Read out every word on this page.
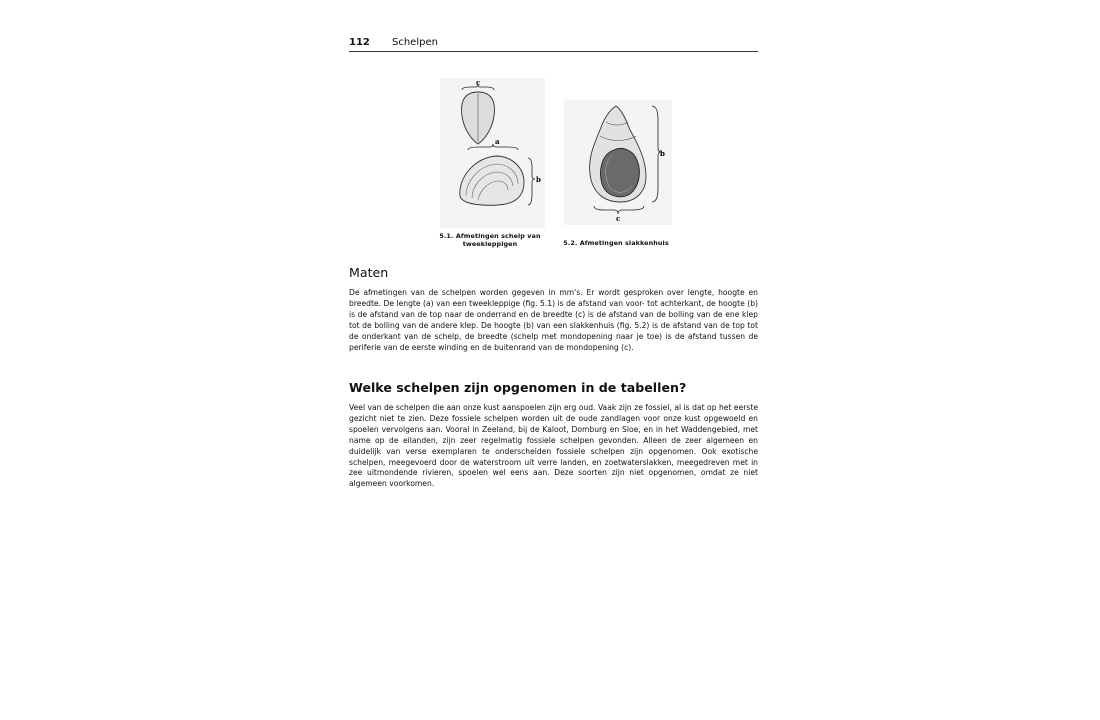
112 Schelpen
c
a
b
b
c
5.1. Afmetingen schelp van
tweekleppigen	5.2. Afmetingen slakkenhuis
Maten

De afmetingen van de schelpen worden gegeven in mm's. Er wordt gesproken over lengte, hoogte en breedte. De lengte (a) van een tweekleppige (fig. 5.1) is de afstand van voor- tot achterkant, de hoogte (b) is de afstand van de top naar de onderrand en de breedte (c) is de afstand van de bolling van de ene klep tot de bolling van de andere klep. De hoogte (b) van een slakkenhuis (fig. 5.2) is de afstand van de top tot de onderkant van de schelp, de breedte (schelp met mondopening naar je toe) is de afstand tussen de periferie van de eerste winding en de buitenrand van de mondopening (c).

Welke schelpen zijn opgenomen in de tabellen?

Veel van de schelpen die aan onze kust aanspoelen zijn erg oud. Vaak zijn ze fossiel, al is dat op het eerste gezicht niet te zien. Deze fossiele schelpen worden uit de oude zandlagen voor onze kust opgewoeld en spoelen vervolgens aan. Vooral in Zeeland, bij de Kaloot, Domburg en Sloe, en in het Waddengebied, met name op de eilanden, zijn zeer regelmatig fossiele schelpen gevonden. Alleen de zeer algemeen en duidelijk van verse exemplaren te onderscheiden fossiele schelpen zijn opgenomen. Ook exotische schelpen, meegevoerd door de waterstroom uit verre landen, en zoetwaterslakken, meegedreven met in zee uitmondende rivieren, spoelen wel eens aan. Deze soorten zijn niet opgenomen, omdat ze niet algemeen voorkomen.
